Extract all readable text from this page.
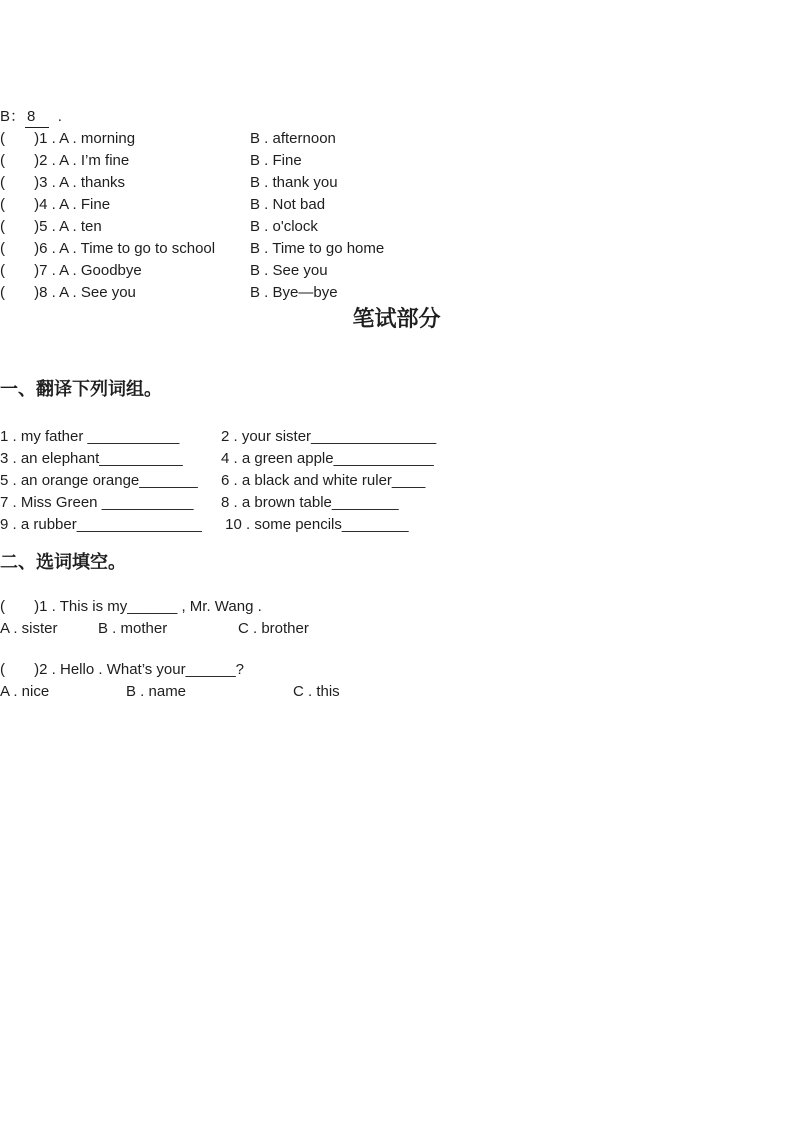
B： 8  .

(       )1 . A . morning	B . afternoon
(       )2 . A . I’m fine	B . Fine
(       )3 . A . thanks	B . thank you
(       )4 . A . Fine	B . Not bad
(       )5 . A . ten	B . o'clock
(       )6 . A . Time to go to school	B . Time to go home
(       )7 . A . Goodbye	B . See you
(       )8 . A . See you	B . Bye—bye
笔试部分
一、翻译下列词组。
1 . my father ___________	2 . your sister_______________
3 . an elephant__________	4 . a green apple____________
5 . an orange orange_______	6 . a black and white ruler____
7 . Miss Green ___________	8 . a brown table________
9 . a rubber_______________	10 . some pencils________
二、选词填空。

(       )1 . This is my______ , Mr. Wang .

A . sister	B . mother	C . brother

(       )2 . Hello . What’s your______?

A . nice	B . name	C . this
